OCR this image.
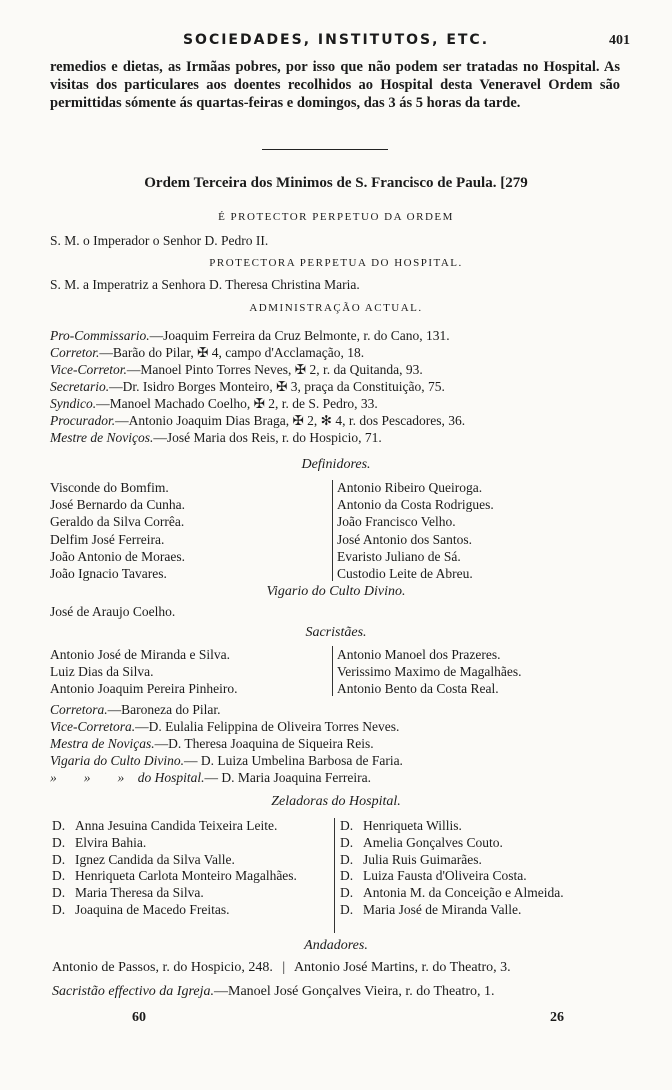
SOCIEDADES, INSTITUTOS, ETC.	401
remedios e dietas, as Irmãas pobres, por isso que não podem ser tratadas no Hospital. As visitas dos particulares aos doentes recolhidos ao Hospital desta Veneravel Ordem são permittidas sómente ás quartas-feiras e domingos, das 3 ás 5 horas da tarde.
Ordem Terceira dos Minimos de S. Francisco de Paula. [279
É PROTECTOR PERPETUO DA ORDEM
S. M. o Imperador o Senhor D. Pedro II.
PROTECTORA PERPETUA DO HOSPITAL.
S. M. a Imperatriz a Senhora D. Theresa Christina Maria.
ADMINISTRAÇÃO ACTUAL.
Pro-Commissario.—Joaquim Ferreira da Cruz Belmonte, r. do Cano, 131.
Corretor.—Barão do Pilar, ✠ 4, campo d'Acclamação, 18.
Vice-Corretor.—Manoel Pinto Torres Neves, ✠ 2, r. da Quitanda, 93.
Secretario.—Dr. Isidro Borges Monteiro, ✠ 3, praça da Constituição, 75.
Syndico.—Manoel Machado Coelho, ✠ 2, r. de S. Pedro, 33.
Procurador.—Antonio Joaquim Dias Braga, ✠ 2, ✻ 4, r. dos Pescadores, 36.
Mestre de Noviços.—José Maria dos Reis, r. do Hospicio, 71.
Definidores.
Visconde do Bomfim.
José Bernardo da Cunha.
Geraldo da Silva Corrêa.
Delfim José Ferreira.
João Antonio de Moraes.
João Ignacio Tavares.
Antonio Ribeiro Queiroga.
Antonio da Costa Rodrigues.
João Francisco Velho.
José Antonio dos Santos.
Evaristo Juliano de Sá.
Custodio Leite de Abreu.
Vigario do Culto Divino.
José de Araujo Coelho.
Sacristães.
Antonio José de Miranda e Silva.
Luiz Dias da Silva.
Antonio Joaquim Pereira Pinheiro.
Antonio Manoel dos Prazeres.
Verissimo Maximo de Magalhães.
Antonio Bento da Costa Real.
Corretora.—Baroneza do Pilar.
Vice-Corretora.—D. Eulalia Felippina de Oliveira Torres Neves.
Mestra de Noviças.—D. Theresa Joaquina de Siqueira Reis.
Vigaria do Culto Divino.— D. Luiza Umbelina Barbosa de Faria.
»        »        »    do Hospital.— D. Maria Joaquina Ferreira.
Zeladoras do Hospital.
D. Anna Jesuina Candida Teixeira Leite.
D. Elvira Bahia.
D. Ignez Candida da Silva Valle.
D. Henriqueta Carlota Monteiro Magalhães.
D. Maria Theresa da Silva.
D. Joaquina de Macedo Freitas.
D. Henriqueta Willis.
D. Amelia Gonçalves Couto.
D. Julia Ruis Guimarães.
D. Luiza Fausta d'Oliveira Costa.
D. Antonia M. da Conceição e Almeida.
D. Maria José de Miranda Valle.
Andadores.
Antonio de Passos, r. do Hospicio, 248. | Antonio José Martins, r. do Theatro, 3.
Sacristão effectivo da Igreja.—Manoel José Gonçalves Vieira, r. do Theatro, 1.
60	26
